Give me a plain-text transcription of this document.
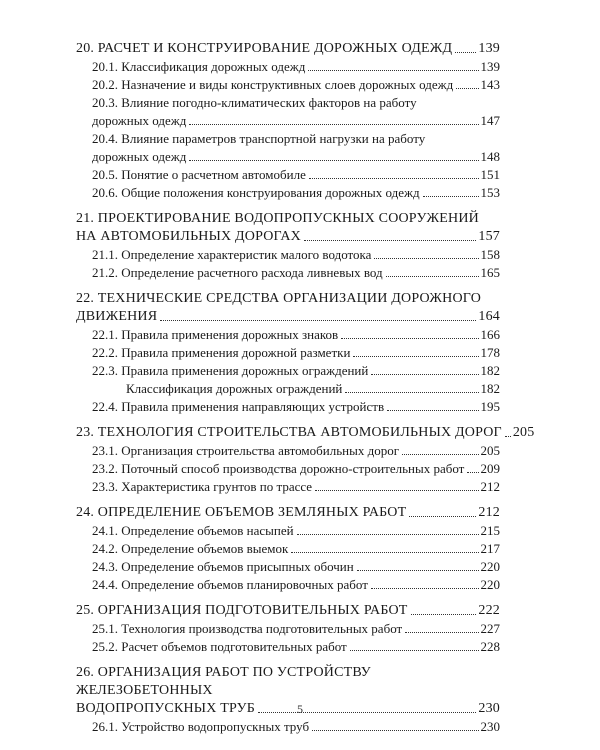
20. РАСЧЕТ И КОНСТРУИРОВАНИЕ ДОРОЖНЫХ ОДЕЖД 139
20.1. Классификация дорожных одежд	139
20.2. Назначение и виды конструктивных слоев дорожных одежд 143
20.3. Влияние погодно-климатических факторов на работу
дорожных одежд	147
20.4. Влияние параметров транспортной нагрузки на работу
дорожных одежд	148
20.5. Понятие о расчетном автомобиле	151
20.6. Общие положения конструирования дорожных одежд	153
21. ПРОЕКТИРОВАНИЕ ВОДОПРОПУСКНЫХ СООРУЖЕНИЙ
НА АВТОМОБИЛЬНЫХ ДОРОГАХ	157
21.1. Определение характеристик малого водотока	158
21.2. Определение расчетного расхода ливневых вод	165
22. ТЕХНИЧЕСКИЕ СРЕДСТВА ОРГАНИЗАЦИИ ДОРОЖНОГО
ДВИЖЕНИЯ	164
22.1. Правила применения дорожных знаков	166
22.2. Правила применения дорожной разметки	178
22.3. Правила применения дорожных ограждений	182
Классификация дорожных ограждений	182
22.4. Правила применения направляющих устройств	195
23. ТЕХНОЛОГИЯ СТРОИТЕЛЬСТВА АВТОМОБИЛЬНЫХ ДОРОГ 205
23.1. Организация строительства автомобильных дорог	205
23.2. Поточный способ производства дорожно-строительных работ 209
23.3. Характеристика грунтов по трассе	212
24. ОПРЕДЕЛЕНИЕ ОБЪЕМОВ ЗЕМЛЯНЫХ РАБОТ	212
24.1. Определение объемов насыпей	215
24.2. Определение объемов выемок	217
24.3. Определение объемов присыпных обочин	220
24.4. Определение объемов планировочных работ	220
25. ОРГАНИЗАЦИЯ ПОДГОТОВИТЕЛЬНЫХ РАБОТ	222
25.1. Технология производства подготовительных работ	227
25.2. Расчет объемов подготовительных работ	228
26. ОРГАНИЗАЦИЯ РАБОТ ПО УСТРОЙСТВУ ЖЕЛЕЗОБЕТОННЫХ
ВОДОПРОПУСКНЫХ ТРУБ	230
26.1. Устройство водопропускных труб	230
5
